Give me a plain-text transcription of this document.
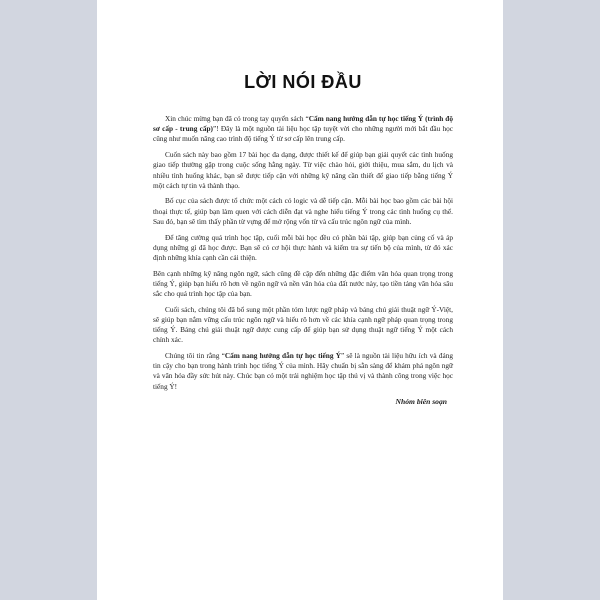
LỜI NÓI ĐẦU

Xin chúc mừng bạn đã có trong tay quyển sách “Cẩm nang hướng dẫn tự học tiếng Ý (trình độ sơ cấp - trung cấp)”! Đây là một nguồn tài liệu học tập tuyệt vời cho những người mới bắt đầu học cũng như muốn nâng cao trình độ tiếng Ý từ sơ cấp lên trung cấp.

Cuốn sách này bao gồm 17 bài học đa dạng, được thiết kế để giúp bạn giải quyết các tình huống giao tiếp thường gặp trong cuộc sống hằng ngày. Từ việc chào hỏi, giới thiệu, mua sắm, du lịch và nhiều tình huống khác, bạn sẽ được tiếp cận với những kỹ năng cần thiết để giao tiếp bằng tiếng Ý một cách tự tin và thành thạo.

Bố cục của sách được tổ chức một cách có logic và dễ tiếp cận. Mỗi bài học bao gồm các bài hội thoại thực tế, giúp bạn làm quen với cách diễn đạt và nghe hiểu tiếng Ý trong các tình huống cụ thể. Sau đó, bạn sẽ tìm thấy phần từ vựng để mở rộng vốn từ và cấu trúc ngôn ngữ của mình.

Để tăng cường quá trình học tập, cuối mỗi bài học đều có phần bài tập, giúp bạn củng cố và áp dụng những gì đã học được. Bạn sẽ có cơ hội thực hành và kiểm tra sự tiến bộ của mình, từ đó xác định những khía cạnh cần cải thiện.

Bên cạnh những kỹ năng ngôn ngữ, sách cũng đề cập đến những đặc điểm văn hóa quan trọng trong tiếng Ý, giúp bạn hiểu rõ hơn về ngôn ngữ và nền văn hóa của đất nước này, tạo tiền tảng văn hóa sâu sắc cho quá trình học tập của bạn.

Cuối sách, chúng tôi đã bổ sung một phần tóm lược ngữ pháp và bảng chú giải thuật ngữ Ý-Việt, sẽ giúp bạn nắm vững cấu trúc ngôn ngữ và hiểu rõ hơn về các khía cạnh ngữ pháp quan trọng trong tiếng Ý. Bảng chú giải thuật ngữ được cung cấp để giúp bạn sử dụng thuật ngữ tiếng Ý một cách chính xác.

Chúng tôi tin rằng “Cẩm nang hướng dẫn tự học tiếng Ý” sẽ là nguồn tài liệu hữu ích và đáng tin cậy cho bạn trong hành trình học tiếng Ý của mình. Hãy chuẩn bị sẵn sàng để khám phá ngôn ngữ và văn hóa đầy sức hút này. Chúc bạn có một trải nghiệm học tập thú vị và thành công trong việc học tiếng Ý!

Nhóm biên soạn
